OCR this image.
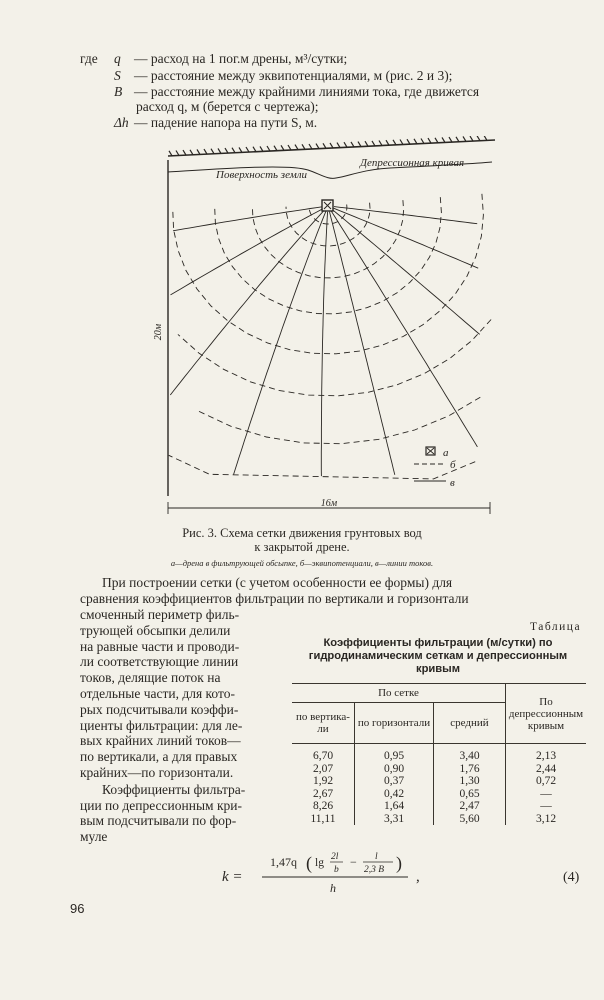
где q — расход на 1 пог.м дрены, м³/сутки;
S — расстояние между эквипотенциалями, м (рис. 2 и 3);
B — расстояние между крайними линиями тока, где движется
расход q, м (берется с чертежа);
Δh — падение напора на пути S, м.
Поверхность земли
Депрессионная кривая
20м
16м
а
б
в
Рис. 3. Схема сетки движения грунтовых вод
к закрытой дрене.
а—дрена в фильтрующей обсыпке, б—эквипотенциали, в—линии токов.
При построении сетки (с учетом особенности ее формы) для
сравнения коэффициентов фильтрации по вертикали и горизонтали
смоченный периметр филь-
трующей обсыпки делили
на равные части и проводи-
ли соответствующие линии
токов, делящие поток на
отдельные части, для кото-
рых подсчитывали коэффи-
циенты фильтрации: для ле-
вых крайних линий токов—
по вертикали, а для правых
крайних—по горизонтали.
Коэффициенты фильтра-
ции по депрессионным кри-
вым подсчитывали по фор-
муле
Таблица
Коэффициенты фильтрации (м/сутки) по
гидродинамическим сеткам и депрессионным
кривым
По сетке			По депрессионным кривым
по вертика-ли	по горизонтали	средний	

6,70	0,95	3,40	2,13
2,07	0,90	1,76	2,44
1,92	0,37	1,30	0,72
2,67	0,42	0,65	—
8,26	1,64	2,47	—
11,11	3,31	5,60	3,12
k =
1,47q ( lg 2l
b
− l
2,3 B )
h
,	(4)
96
